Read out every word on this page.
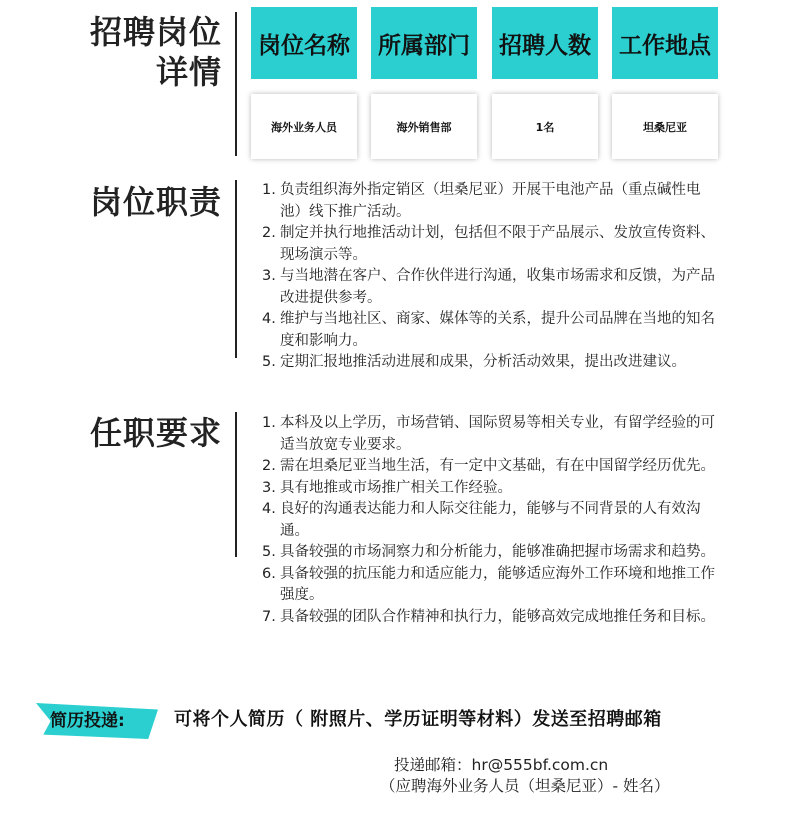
招聘岗位
详情
岗位名称	所属部门	招聘人数	工作地点
海外业务人员	海外销售部	1名	坦桑尼亚
岗位职责	1. 负责组织海外指定销区（坦桑尼亚）开展干电池产品（重点碱性电池）线下推广活动。
2. 制定并执行地推活动计划，包括但不限于产品展示、发放宣传资料、现场演示等。
3. 与当地潜在客户、合作伙伴进行沟通，收集市场需求和反馈，为产品改进提供参考。
4. 维护与当地社区、商家、媒体等的关系，提升公司品牌在当地的知名度和影响力。
5. 定期汇报地推活动进展和成果，分析活动效果，提出改进建议。
任职要求	1. 本科及以上学历，市场营销、国际贸易等相关专业，有留学经验的可适当放宽专业要求。
2. 需在坦桑尼亚当地生活，有一定中文基础，有在中国留学经历优先。
3. 具有地推或市场推广相关工作经验。
4. 良好的沟通表达能力和人际交往能力，能够与不同背景的人有效沟通。
5. 具备较强的市场洞察力和分析能力，能够准确把握市场需求和趋势。
6. 具备较强的抗压能力和适应能力，能够适应海外工作环境和地推工作强度。
7. 具备较强的团队合作精神和执行力，能够高效完成地推任务和目标。
简历投递:	可将个人简历（ 附照片、学历证明等材料）发送至招聘邮箱
投递邮箱：hr@555bf.com.cn
（应聘海外业务人员（坦桑尼亚）- 姓名）
